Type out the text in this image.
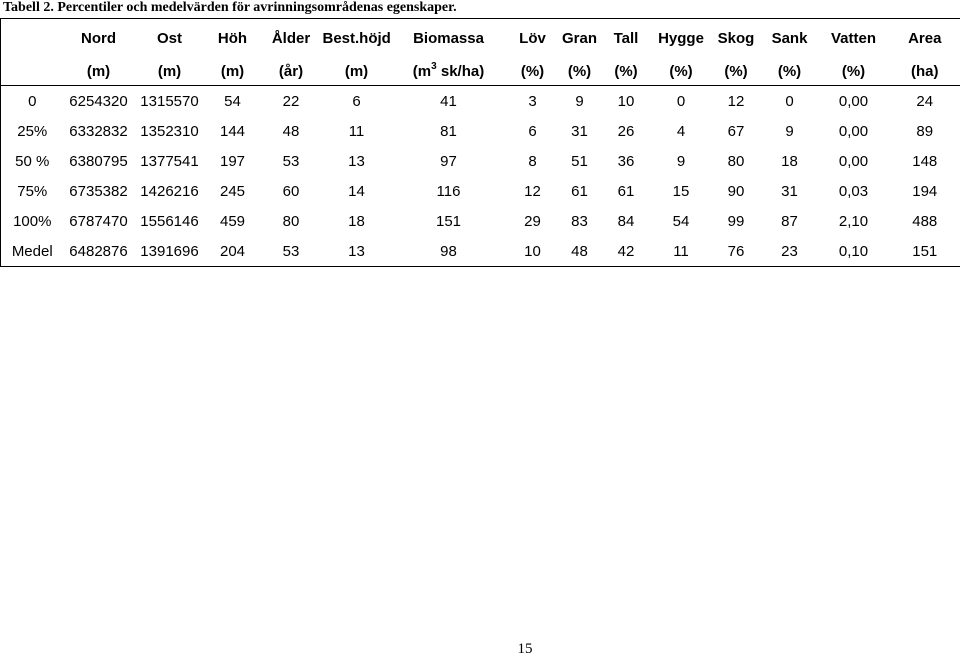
Tabell 2. Percentiler och medelvärden för avrinningsområdenas egenskaper.
	Nord	Ost	Höh	Ålder	Best.höjd	Biomassa	Löv	Gran	Tall	Hygge	Skog	Sank	Vatten	Area
	(m)	(m)	(m)	(år)	(m)	($m^3$ sk/ha)	(%)	(%)	(%)	(%)	(%)	(%)	(%)	(ha)
0	6254320	1315570	54	22	6	41	3	9	10	0	12	0	0,00	24
25%	6332832	1352310	144	48	11	81	6	31	26	4	67	9	0,00	89
50 %	6380795	1377541	197	53	13	97	8	51	36	9	80	18	0,00	148
75%	6735382	1426216	245	60	14	116	12	61	61	15	90	31	0,03	194
100%	6787470	1556146	459	80	18	151	29	83	84	54	99	87	2,10	488
Medel	6482876	1391696	204	53	13	98	10	48	42	11	76	23	0,10	151
15
